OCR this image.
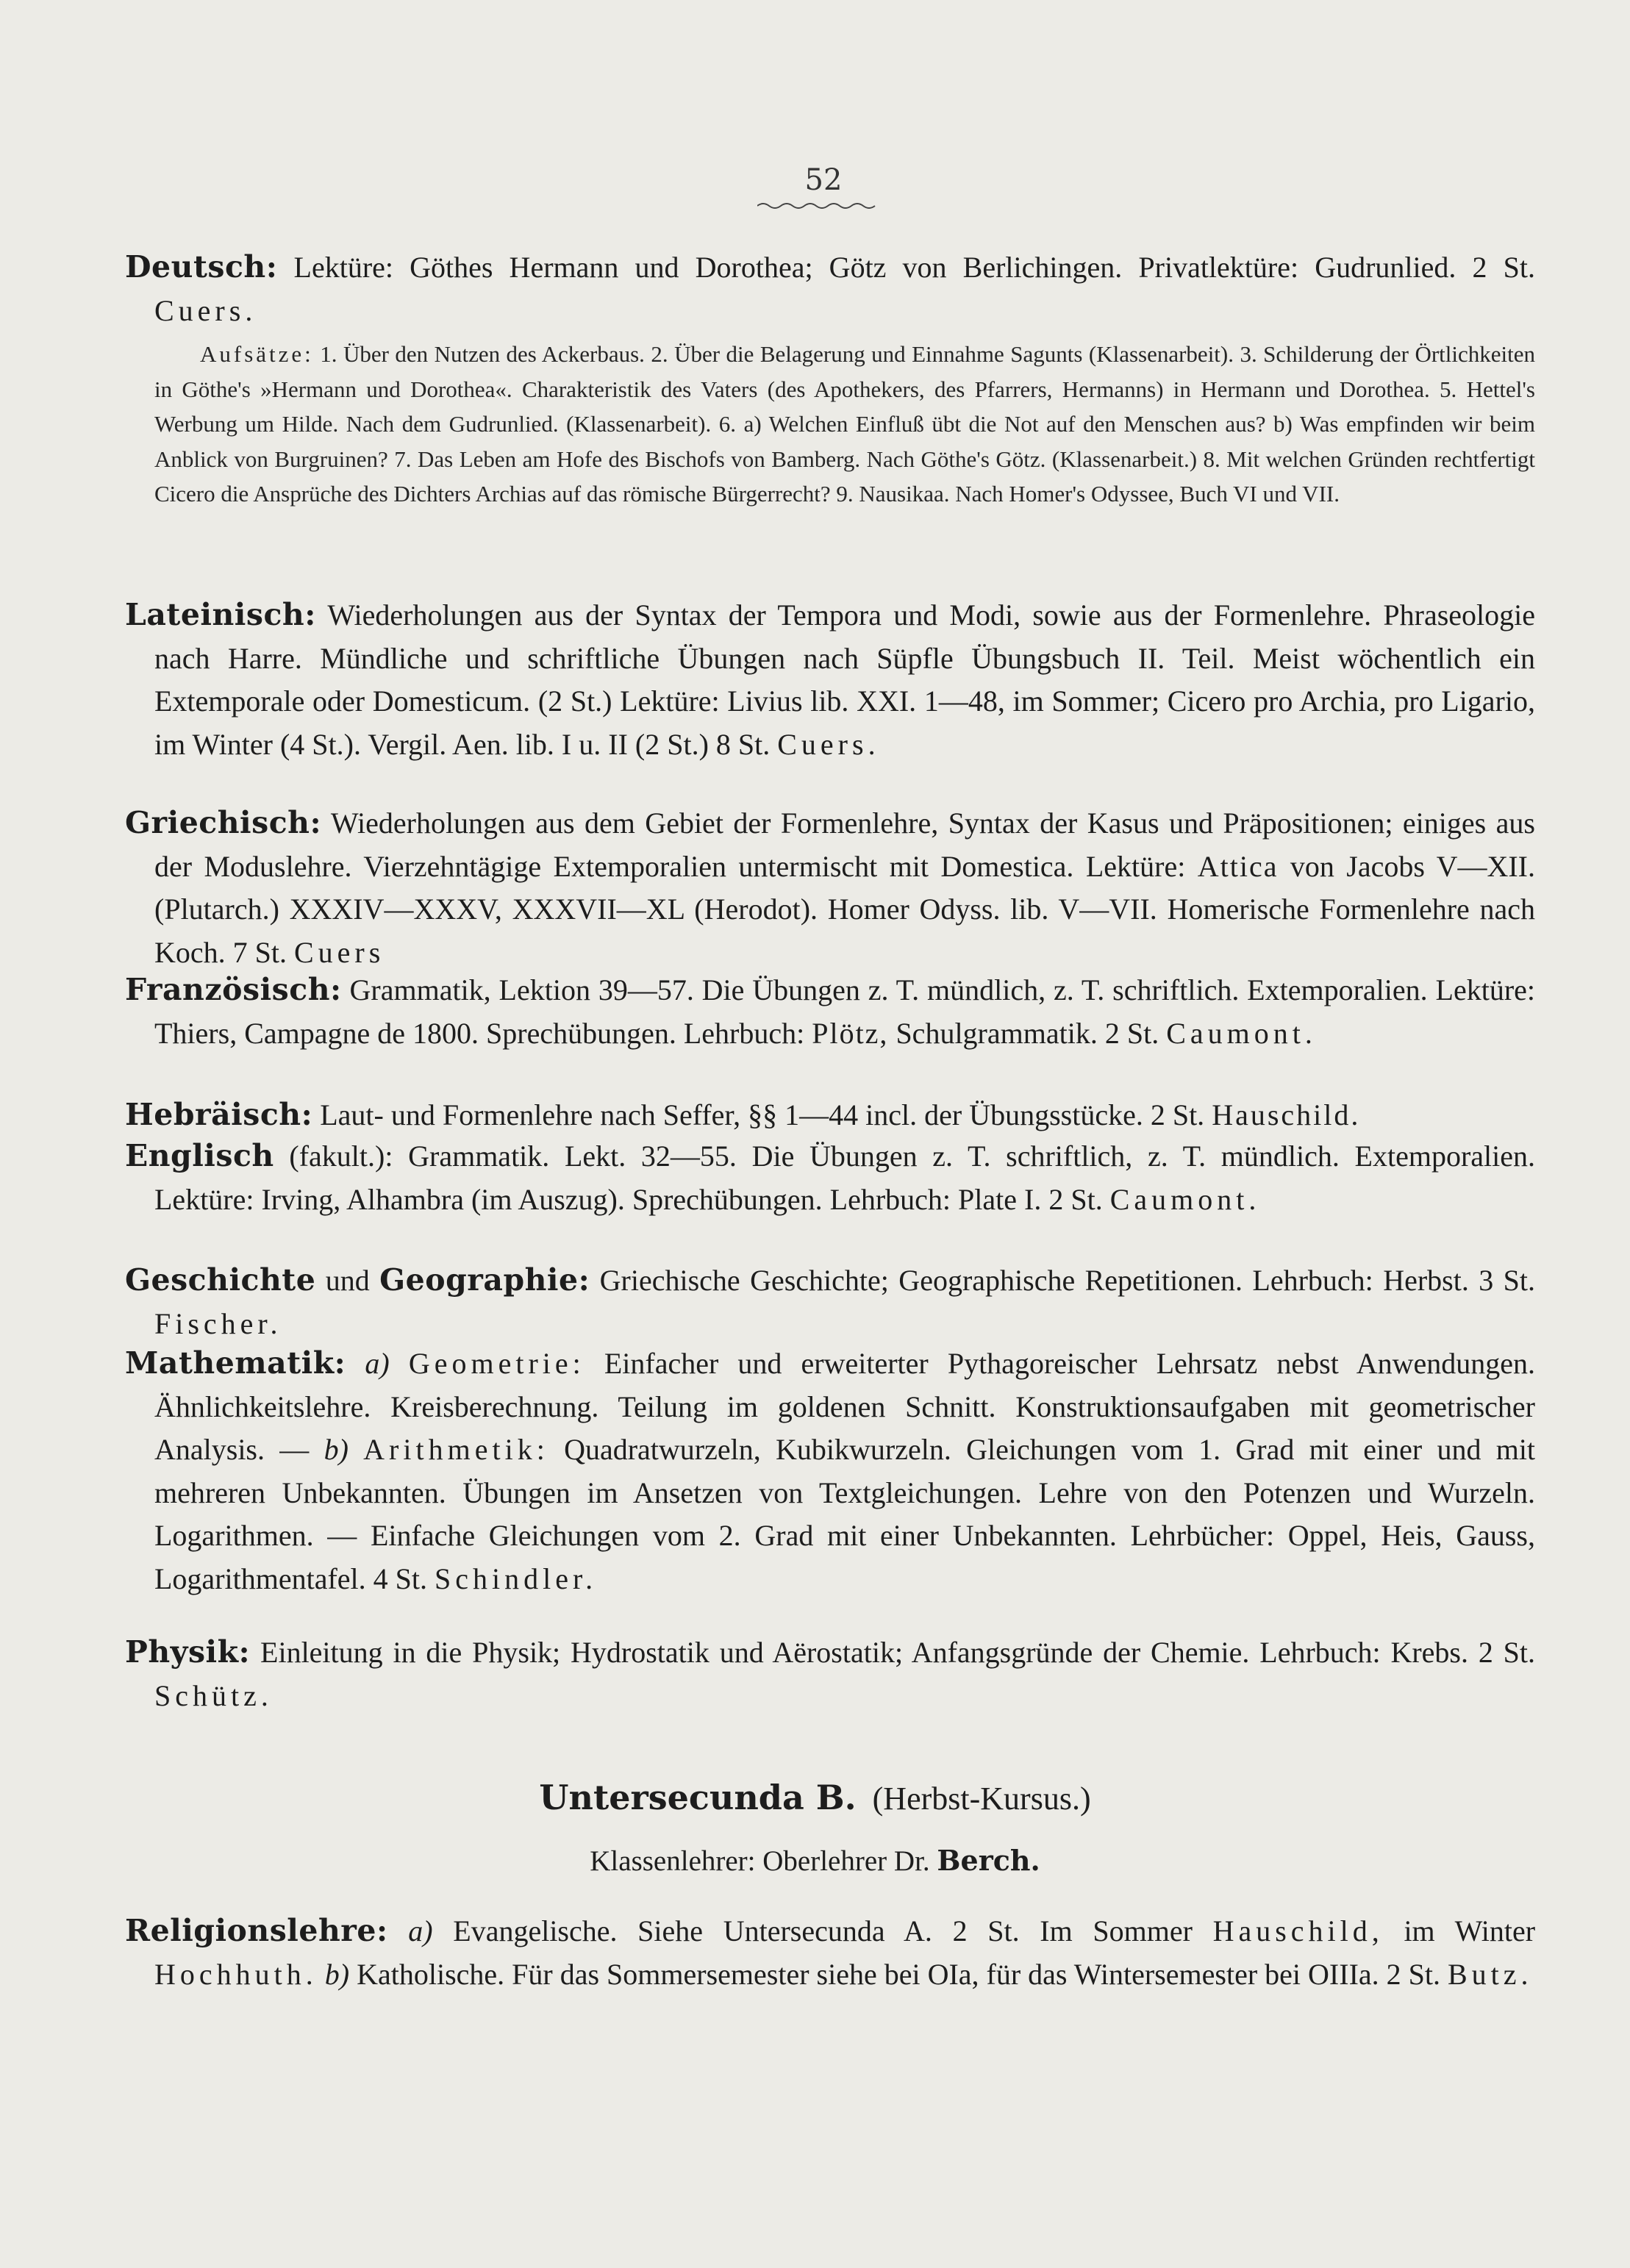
52
Deutsch: Lektüre: Göthes Hermann und Dorothea; Götz von Berlichingen. Privatlektüre: Gudrunlied. 2 St. Cuers.
Aufsätze: 1. Über den Nutzen des Ackerbaus. 2. Über die Belagerung und Einnahme Sagunts (Klassenarbeit). 3. Schilderung der Örtlichkeiten in Göthe's »Hermann und Dorothea«. Charakteristik des Vaters (des Apothekers, des Pfarrers, Hermanns) in Hermann und Dorothea. 5. Hettel's Werbung um Hilde. Nach dem Gudrunlied. (Klassenarbeit). 6. a) Welchen Einfluß übt die Not auf den Menschen aus? b) Was empfinden wir beim Anblick von Burgruinen? 7. Das Leben am Hofe des Bischofs von Bamberg. Nach Göthe's Götz. (Klassenarbeit.) 8. Mit welchen Gründen rechtfertigt Cicero die Ansprüche des Dichters Archias auf das römische Bürgerrecht? 9. Nausikaa. Nach Homer's Odyssee, Buch VI und VII.
Lateinisch: Wiederholungen aus der Syntax der Tempora und Modi, sowie aus der Formenlehre. Phraseologie nach Harre. Mündliche und schriftliche Übungen nach Süpfle Übungsbuch II. Teil. Meist wöchentlich ein Extemporale oder Domesticum. (2 St.) Lektüre: Livius lib. XXI. 1—48, im Sommer; Cicero pro Archia, pro Ligario, im Winter (4 St.). Vergil. Aen. lib. I u. II (2 St.) 8 St. Cuers.
Griechisch: Wiederholungen aus dem Gebiet der Formenlehre, Syntax der Kasus und Präpositionen; einiges aus der Moduslehre. Vierzehntägige Extemporalien untermischt mit Domestica. Lektüre: Attica von Jacobs V—XII. (Plutarch.) XXXIV—XXXV, XXXVII—XL (Herodot). Homer Odyss. lib. V—VII. Homerische Formenlehre nach Koch. 7 St. Cuers
Französisch: Grammatik, Lektion 39—57. Die Übungen z. T. mündlich, z. T. schriftlich. Extemporalien. Lektüre: Thiers, Campagne de 1800. Sprechübungen. Lehrbuch: Plötz, Schulgrammatik. 2 St. Caumont.
Hebräisch: Laut- und Formenlehre nach Seffer, §§ 1—44 incl. der Übungsstücke. 2 St. Hauschild.
Englisch (fakult.): Grammatik. Lekt. 32—55. Die Übungen z. T. schriftlich, z. T. mündlich. Extemporalien. Lektüre: Irving, Alhambra (im Auszug). Sprechübungen. Lehrbuch: Plate I. 2 St. Caumont.
Geschichte und Geographie: Griechische Geschichte; Geographische Repetitionen. Lehrbuch: Herbst. 3 St. Fischer.
Mathematik: a) Geometrie: Einfacher und erweiterter Pythagoreischer Lehrsatz nebst Anwendungen. Ähnlichkeitslehre. Kreisberechnung. Teilung im goldenen Schnitt. Konstruktionsaufgaben mit geometrischer Analysis. — b) Arithmetik: Quadratwurzeln, Kubikwurzeln. Gleichungen vom 1. Grad mit einer und mit mehreren Unbekannten. Übungen im Ansetzen von Textgleichungen. Lehre von den Potenzen und Wurzeln. Logarithmen. — Einfache Gleichungen vom 2. Grad mit einer Unbekannten. Lehrbücher: Oppel, Heis, Gauss, Logarithmentafel. 4 St. Schindler.
Physik: Einleitung in die Physik; Hydrostatik und Aërostatik; Anfangsgründe der Chemie. Lehrbuch: Krebs. 2 St. Schütz.
Untersecunda B. (Herbst-Kursus.)
Klassenlehrer: Oberlehrer Dr. Berch.
Religionslehre: a) Evangelische. Siehe Untersecunda A. 2 St. Im Sommer Hauschild, im Winter Hochhuth. b) Katholische. Für das Sommersemester siehe bei OIa, für das Wintersemester bei OIIIa. 2 St. Butz.
